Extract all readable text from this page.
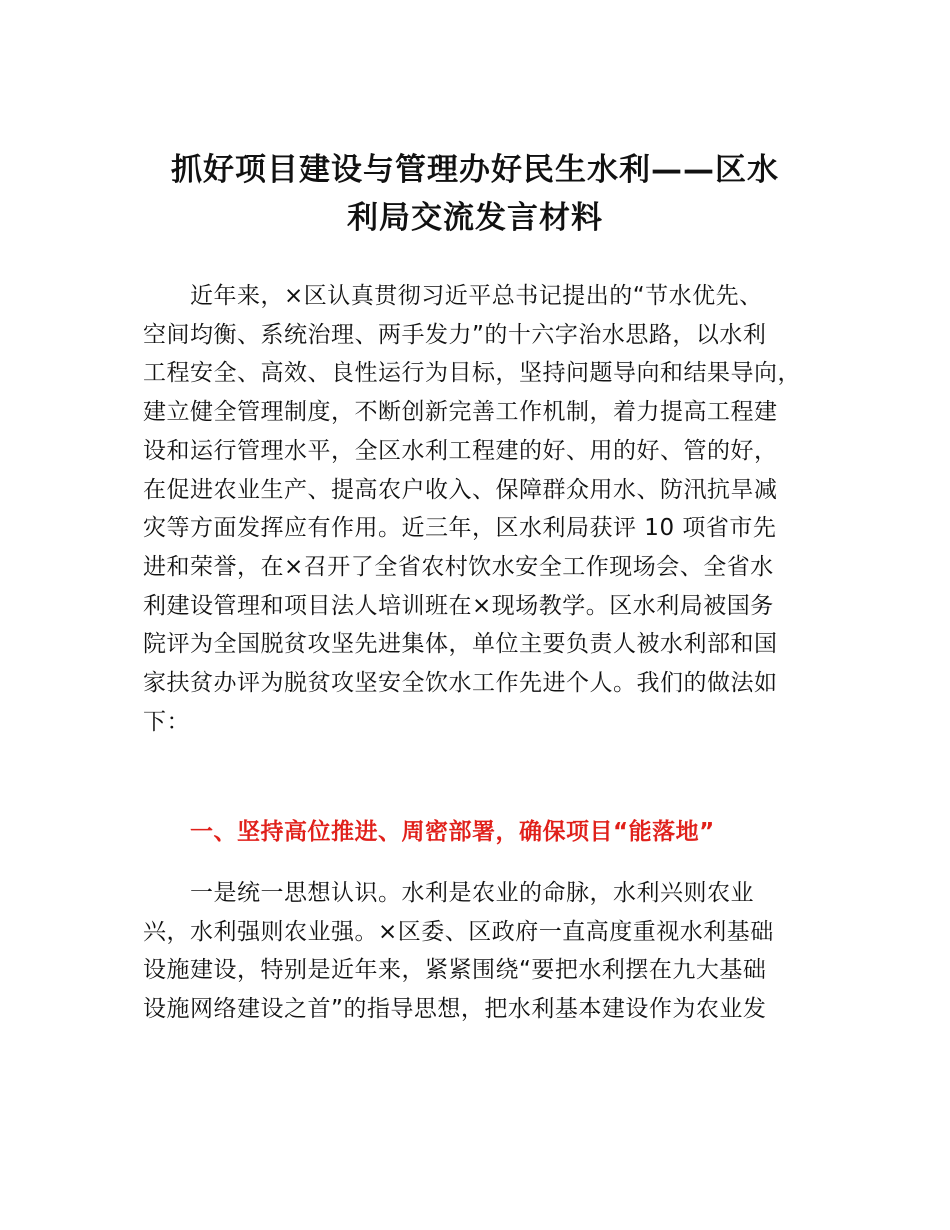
抓好项目建设与管理办好民生水利——区水
利局交流发言材料

近年来，×区认真贯彻习近平总书记提出的“节水优先、
空间均衡、系统治理、两手发力”的十六字治水思路，以水利
工程安全、高效、良性运行为目标，坚持问题导向和结果导向，
建立健全管理制度，不断创新完善工作机制，着力提高工程建
设和运行管理水平，全区水利工程建的好、用的好、管的好，
在促进农业生产、提高农户收入、保障群众用水、防汛抗旱减
灾等方面发挥应有作用。近三年，区水利局获评 10 项省市先
进和荣誉，在×召开了全省农村饮水安全工作现场会、全省水
利建设管理和项目法人培训班在×现场教学。区水利局被国务
院评为全国脱贫攻坚先进集体，单位主要负责人被水利部和国
家扶贫办评为脱贫攻坚安全饮水工作先进个人。我们的做法如
下：

一、坚持高位推进、周密部署，确保项目“能落地”

一是统一思想认识。水利是农业的命脉，水利兴则农业
兴，水利强则农业强。×区委、区政府一直高度重视水利基础
设施建设，特别是近年来，紧紧围绕“要把水利摆在九大基础
设施网络建设之首”的指导思想，把水利基本建设作为农业发
